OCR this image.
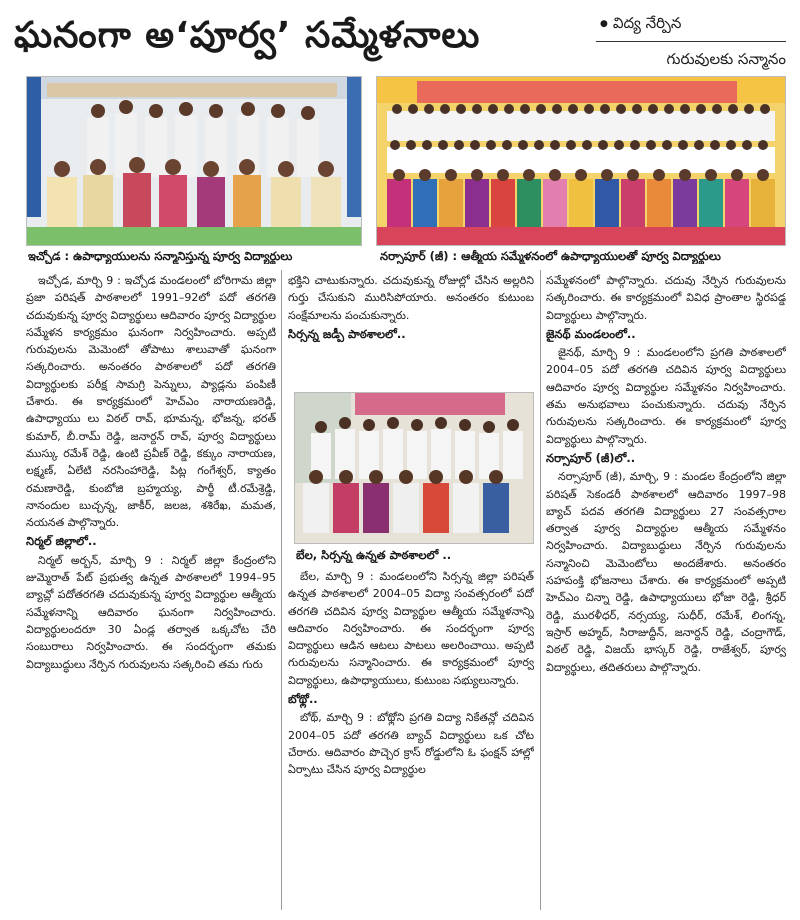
ఘనంగా అ‘పూర్వ’ సమ్మేళనాలు
●	విద్య నేర్పిన
గురువులకు సన్మానం
ఇచ్చోడ : ఉపాధ్యాయులను సన్మానిస్తున్న పూర్వ విద్యార్థులు	నర్సాపూర్ (జీ) : ఆత్మీయ సమ్మేళనంలో ఉపాధ్యాయులతో పూర్వ విద్యార్థులు

ఇచ్చోడ, మార్చి 9 : ఇచ్చోడ మండలంలో బోరిగామ జిల్లా ప్రజా పరిషత్ పాఠశాలలో 1991–92లో పదో తరగతి చదువుకున్న పూర్వ విద్యార్థులు ఆదివారం పూర్వ విద్యార్థుల సమ్మేళన కార్యక్రమం ఘనంగా నిర్వహించారు. అప్పటి గురువులను మెమెంటో తోపాటు శాలువాతో ఘనంగా సత్కరించారు. అనంతరం పాఠశాలలో పదో తరగతి విద్యార్థులకు పరీక్ష సామగ్రి పెన్నులు, ప్యాడ్లను పంపిణీ చేశారు. ఈ కార్యక్రమంలో హెచ్ఎం నారాయణరెడ్డి, ఉపాధ్యాయు లు విఠల్ రావ్, భూమన్న, భోజన్న, భరత్ కుమార్, బీ.రామ్ రెడ్డి, జనార్దన్ రావ్, పూర్వ విద్యార్థులు ముస్కు రమేశ్ రెడ్డి, ఉంటి ప్రవీణ్ రెడ్డి, కక్కుం నారాయణ, లక్ష్మణ్, ఏలేటి నరసింహారెడ్డి, పిట్ల గంగేశ్వర్, క్యాతం రమణారెడ్డి, కుంబోజి బ్రహ్మయ్య, పార్థీ టీ.రమేశ్రెడ్డి, నానందుల బుచ్చన్న, జాకీర్, జలజ, శశిరేఖ, మమత, నయనత పాల్గొన్నారు.

నిర్మల్ జిల్లాలో..

నిర్మల్ అర్బన్, మార్చి 9 : నిర్మల్ జిల్లా కేంద్రంలోని జుమ్మెరాత్ పేట్ ప్రభుత్వ ఉన్నత పాఠశాలలో 1994–95 బ్యాచ్లో పదోతరగతి చదువుకున్న పూర్వ విద్యార్థుల ఆత్మీయ సమ్మేళనాన్ని ఆదివారం ఘనంగా నిర్వహించారు. విద్యార్థులందరూ 30 ఏండ్ల తర్వాత ఒక్కచోట చేరి సంబురాలు నిర్వహించారు. ఈ సందర్భంగా తమకు విద్యాబుద్ధులు నేర్పిన గురువులను సత్కరించి తమ గురు

భక్తిని చాటుకున్నారు. చదువుకున్న రోజుల్లో చేసిన అల్లరిని గుర్తు చేసుకుని మురిసిపోయారు. అనంతరం కుటుంబ సంక్షేమాలను పంచుకున్నారు.

సిర్సన్న జడ్పీ పాఠశాలలో..
బేల, సిర్సన్న ఉన్నత పాఠశాలలో ..

బేల, మార్చి 9 : మండలంలోని సిర్సన్న జిల్లా పరిషత్ ఉన్నత పాఠశాలలో 2004–05 విద్యా సంవత్సరంలో పదో తరగతి చదివిన పూర్వ విద్యార్థుల ఆత్మీయ సమ్మేళనాన్ని ఆదివారం నిర్వహించారు. ఈ సందర్భంగా పూర్వ విద్యార్థులు ఆడిన ఆటలు పాటలు అలరించాయి. అప్పటి గురువులను సన్మానించారు. ఈ కార్యక్రమంలో పూర్వ విద్యార్థులు, ఉపాధ్యాయులు, కుటుంబ సభ్యులున్నారు.

బోథ్లో..

బోథ్, మార్చి 9 : బోథ్లోని ప్రగతి విద్యా నికేతన్లో చదివిన 2004–05 పదో తరగతి బ్యాచ్ విద్యార్థులు ఒక చోట చేరారు. ఆదివారం పొచ్చెర క్రాస్ రోడ్డులోని ఓ ఫంక్షన్ హాల్లో ఏర్పాటు చేసిన పూర్వ విద్యార్థుల

సమ్మేళనంలో పాల్గొన్నారు. చదువు నేర్పిన గురువులను సత్కరించారు. ఈ కార్యక్రమంలో వివిధ ప్రాంతాల స్థిరపడ్డ విద్యార్థులు పాల్గొన్నారు.

జైనథ్ మండలంలో..

జైనథ్, మార్చి 9 : మండలంలోని ప్రగతి పాఠశాలలో 2004–05 పదో తరగతి చదివిన పూర్వ విద్యార్థులు ఆదివారం పూర్వ విద్యార్థుల సమ్మేళనం నిర్వహించారు. తమ అనుభవాలు పంచుకున్నారు. చదువు నేర్పిన గురువులను సత్కరించారు. ఈ కార్యక్రమంలో పూర్వ విద్యార్థులు పాల్గొన్నారు.

నర్సాపూర్ (జీ)లో..

నర్సాపూర్ (జీ), మార్చి, 9 : మండల కేంద్రంలోని జిల్లా పరిషత్ సెకండరీ పాఠశాలలో ఆదివారం 1997–98 బ్యాచ్ పదవ తరగతి విద్యార్థులు 27 సంవత్సరాల తర్వాత పూర్వ విద్యార్థుల ఆత్మీయ సమ్మేళనం నిర్వహించారు. విద్యాబుద్ధులు నేర్పిన గురువులను సన్మానించి మెమెంటోలు అందజేశారు. అనంతరం సహపంక్తి భోజనాలు చేశారు. ఈ కార్యక్రమంలో అప్పటి హెచ్ఎం చిన్నా రెడ్డి, ఉపాధ్యాయులు భోజా రెడ్డి, శ్రీధర్ రెడ్డి, మురళీధర్, నర్సయ్య, సుధీర్, రమేశ్, లింగన్న, ఇస్రార్ అహ్మద్, సిరాజుద్దీన్, జనార్దన్ రెడ్డి, చంద్రాగౌడ్, విఠల్ రెడ్డి, విజయ్ భాస్కర్ రెడ్డి, రాజేశ్వర్, పూర్వ విద్యార్థులు, తదితరులు పాల్గొన్నారు.
